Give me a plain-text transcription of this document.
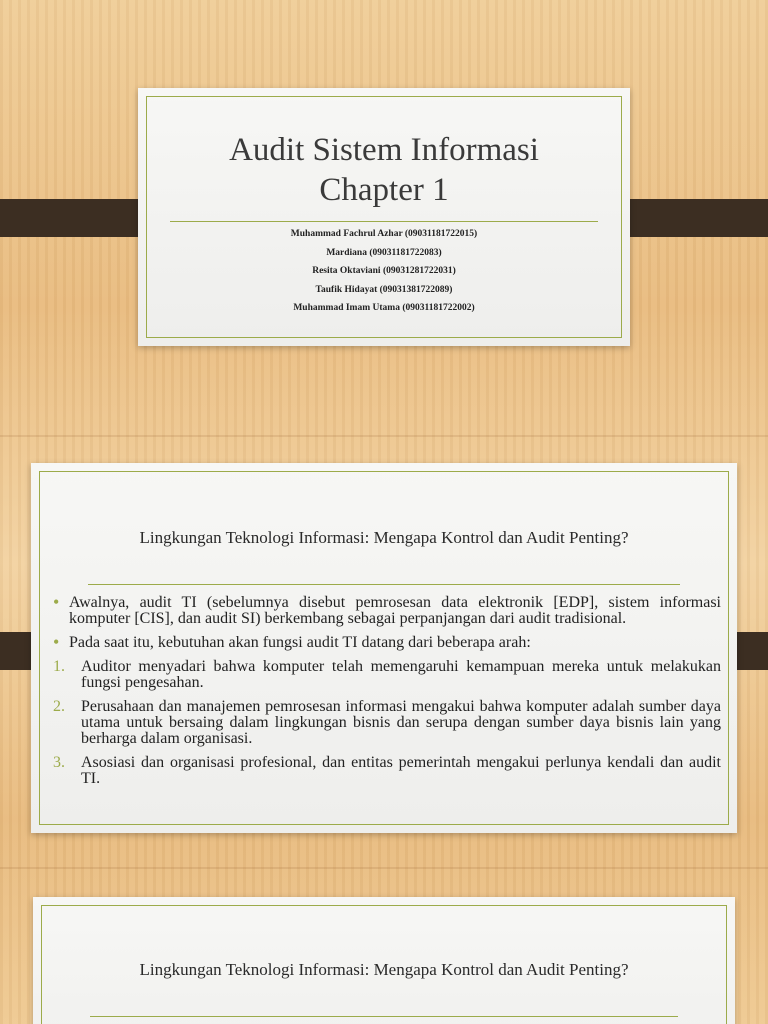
Audit Sistem Informasi
Chapter 1
Muhammad Fachrul Azhar (09031181722015)
Mardiana (09031181722083)
Resita Oktaviani (09031281722031)
Taufik Hidayat (09031381722089)
Muhammad Imam Utama (09031181722002)
Lingkungan Teknologi Informasi: Mengapa Kontrol dan Audit Penting?
• Awalnya, audit TI (sebelumnya disebut pemrosesan data elektronik [EDP], sistem informasi komputer [CIS], dan audit SI) berkembang sebagai perpanjangan dari audit tradisional.
• Pada saat itu, kebutuhan akan fungsi audit TI datang dari beberapa arah:
1. Auditor menyadari bahwa komputer telah memengaruhi kemampuan mereka untuk melakukan fungsi pengesahan.
2. Perusahaan dan manajemen pemrosesan informasi mengakui bahwa komputer adalah sumber daya utama untuk bersaing dalam lingkungan bisnis dan serupa dengan sumber daya bisnis lain yang berharga dalam organisasi.
3. Asosiasi dan organisasi profesional, dan entitas pemerintah mengakui perlunya kendali dan audit TI.
Lingkungan Teknologi Informasi: Mengapa Kontrol dan Audit Penting?
